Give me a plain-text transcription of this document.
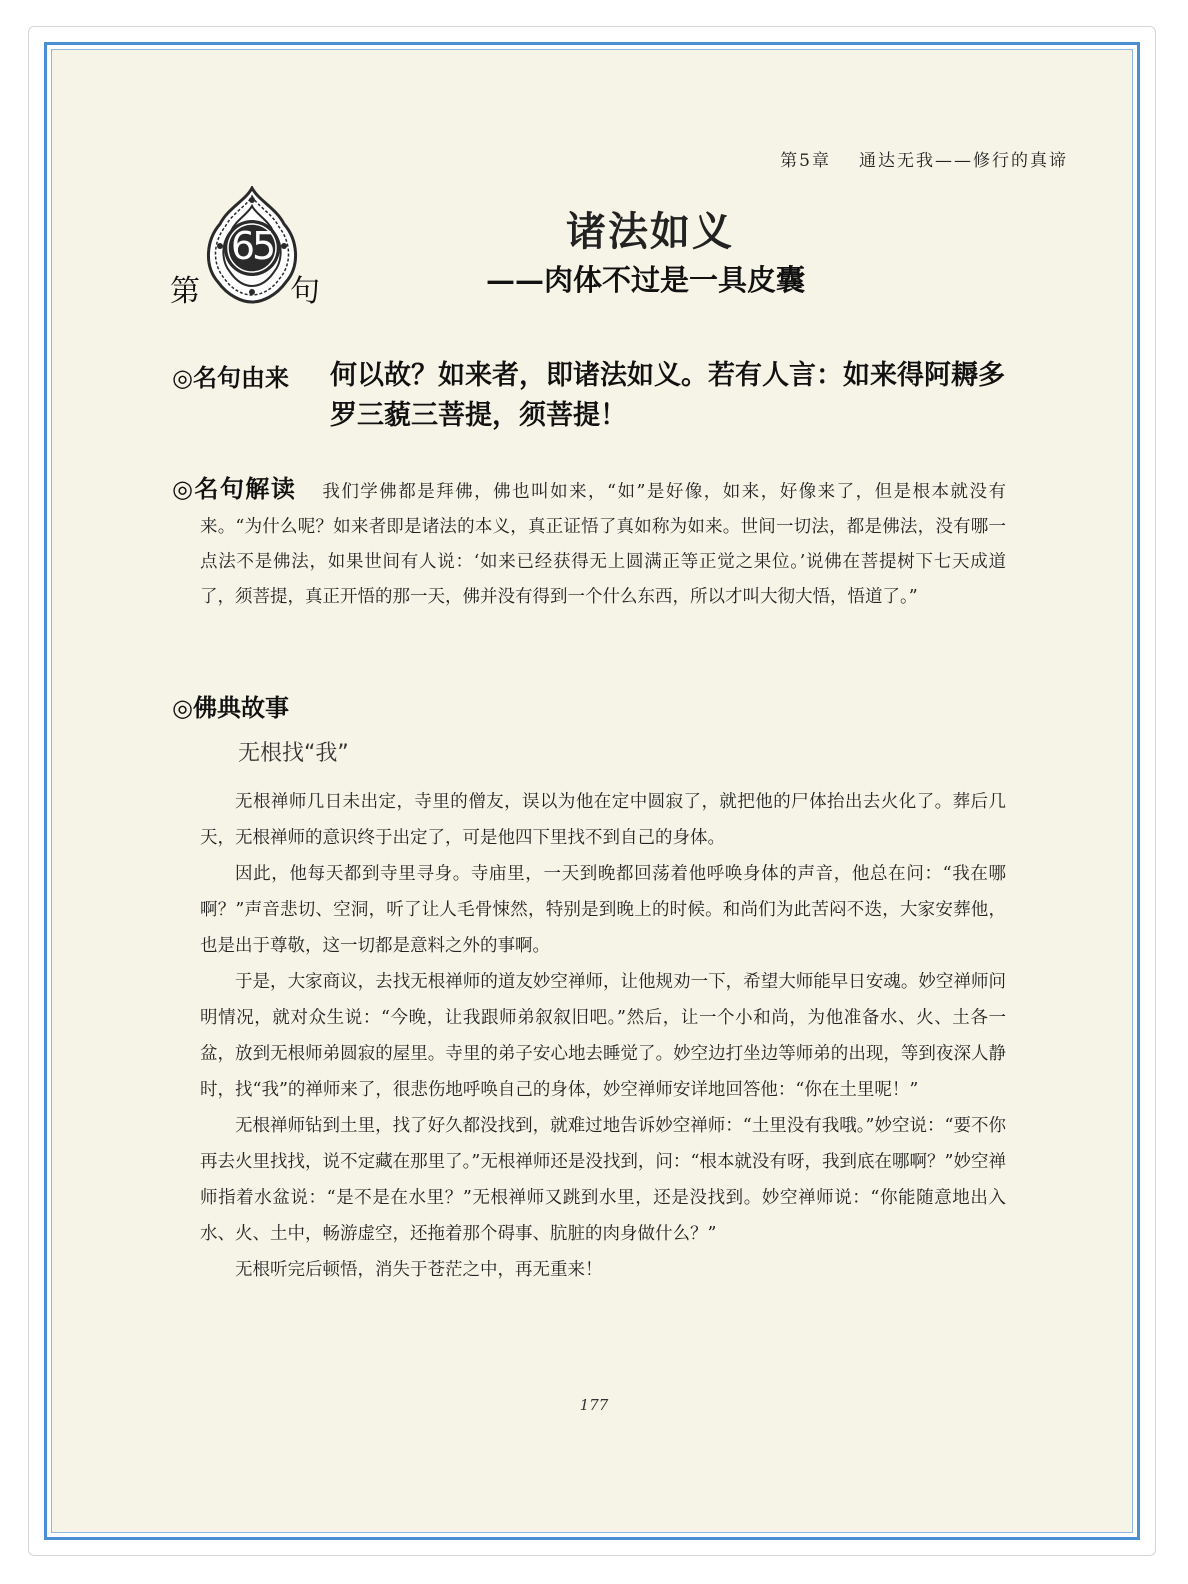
第5章 通达无我——修行的真谛
65
第	句
诸法如义
——肉体不过是一具皮囊
◎名句由来 何以故？如来者，即诸法如义。若有人言：如来得阿耨多罗三藐三菩提，须菩提！
◎名句解读 我们学佛都是拜佛，佛也叫如来，“如”是好像，如来，好像来了，但是根本就没有来。“为什么呢？如来者即是诸法的本义，真正证悟了真如称为如来。世间一切法，都是佛法，没有哪一点法不是佛法，如果世间有人说：‘如来已经获得无上圆满正等正觉之果位。’说佛在菩提树下七天成道了，须菩提，真正开悟的那一天，佛并没有得到一个什么东西，所以才叫大彻大悟，悟道了。”
◎佛典故事
无根找“我”

无根禅师几日未出定，寺里的僧友，误以为他在定中圆寂了，就把他的尸体抬出去火化了。葬后几天，无根禅师的意识终于出定了，可是他四下里找不到自己的身体。

因此，他每天都到寺里寻身。寺庙里，一天到晚都回荡着他呼唤身体的声音，他总在问：“我在哪啊？”声音悲切、空洞，听了让人毛骨悚然，特别是到晚上的时候。和尚们为此苦闷不迭，大家安葬他，也是出于尊敬，这一切都是意料之外的事啊。

于是，大家商议，去找无根禅师的道友妙空禅师，让他规劝一下，希望大师能早日安魂。妙空禅师问明情况，就对众生说：“今晚，让我跟师弟叙叙旧吧。”然后，让一个小和尚，为他准备水、火、土各一盆，放到无根师弟圆寂的屋里。寺里的弟子安心地去睡觉了。妙空边打坐边等师弟的出现，等到夜深人静时，找“我”的禅师来了，很悲伤地呼唤自己的身体，妙空禅师安详地回答他：“你在土里呢！”

无根禅师钻到土里，找了好久都没找到，就难过地告诉妙空禅师：“土里没有我哦。”妙空说：“要不你再去火里找找，说不定藏在那里了。”无根禅师还是没找到，问：“根本就没有呀，我到底在哪啊？”妙空禅师指着水盆说：“是不是在水里？”无根禅师又跳到水里，还是没找到。妙空禅师说：“你能随意地出入水、火、土中，畅游虚空，还拖着那个碍事、肮脏的肉身做什么？”

无根听完后顿悟，消失于苍茫之中，再无重来！

177
